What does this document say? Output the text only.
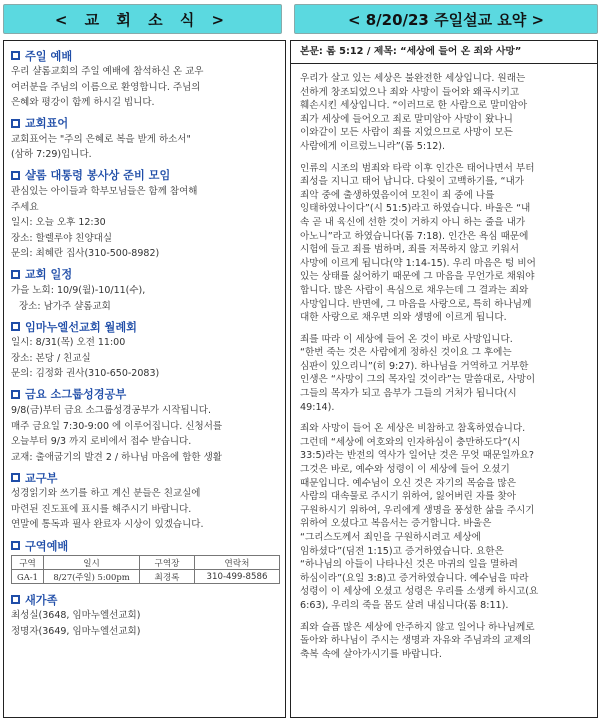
< 교 회 소 식 >	< 8/20/23 주일설교 요약 >
주일 예배
우리 샬롬교회의 주일 예배에 참석하신 온 교우
여러분을 주님의 이름으로 환영합니다. 주님의
은혜와 평강이 함께 하시길 빕니다.
교회표어
교회표어는 "주의 은혜로 복을 받게 하소서"
(삼하 7:29)입니다.
샬롬 대통령 봉사상 준비 모임
관심있는 아이들과 학부모님들은 함께 참여해
주세요
일시: 오늘 오후 12:30
장소: 할렐루야 친양대실
문의: 최혜란 집사(310-500-8982)
교회 일정
가을 노회: 10/9(월)-10/11(수),
장소: 남가주 샬롬교회
임마누엘선교회 월례회
일시: 8/31(목) 오전 11:00
장소: 본당 / 친교실
문의: 김정화 권사(310-650-2083)
금요 소그룹성경공부
9/8(금)부터 금요 소그룹성경공부가 시작됩니다.
매주 금요일 7:30-9:00 에 이루어집니다. 신청서를
오늘부터 9/3 까지 로비에서 접수 받습니다.
교재: 출애굽기의 발견 2 / 하나님 마음에 합한 생활
교구부
성경읽기와 쓰기를 하고 계신 분들은 친교실에
마련된 진도표에 표시를 해주시기 바랍니다.
연말에 통독과 필사 완료자 시상이 있겠습니다.
구역예배
구역	일시	구역장	연락처
GA-1	8/27(주일) 5:00pm	최경록	310-499-8586
새가족
최성실(3648, 임마누엘선교회)
정명자(3649, 임마누엘선교회)
본문: 롬 5:12 / 제목: “세상에 들어 온 죄와 사망”
우리가 살고 있는 세상은 불완전한 세상입니다. 원래는
선하게 창조되었으나 죄와 사망이 들어와 왜곡시키고
훼손시킨 세상입니다. “이러므로 한 사람으로 말미암아
죄가 세상에 들어오고 죄로 말미암아 사망이 왔나니
이와같이 모든 사람이 죄를 지었으므로 사망이 모든
사람에게 이르렀느니라”(롬 5:12).
인류의 시조의 범죄와 타락 이후 인간은 태어나면서 부터
죄성을 지니고 태어 납니다. 다윗이 고백하기를, “내가
죄악 중에 출생하였음이여 모친이 죄 중에 나를
잉태하였나이다”(시 51:5)라고 하였습니다. 바울은 “내
속 곧 내 육신에 선한 것이 거하지 아니 하는 줄을 내가
아노니”라고 하였습니다(롬 7:18). 인간은 욕심 때문에
시험에 들고 죄를 범하며, 죄를 저목하지 않고 키워서
사망에 이르게 됩니다(약 1:14-15). 우리 마음은 텅 비어
있는 상태를 싫어하기 때문에 그 마음을 무언가로 채워야
합니다. 많은 사람이 욕심으로 채우는데 그 결과는 죄와
사망입니다. 반면에, 그 마음을 사랑으로, 특히 하나님께
대한 사랑으로 채우면 의와 생명에 이르게 됩니다.
죄를 따라 이 세상에 들어 온 것이 바로 사망입니다.
“한번 죽는 것은 사람에게 정하신 것이요 그 후에는
심판이 있으리니”(히 9:27). 하나님을 거역하고 거부한
인생은 “사망이 그의 목자일 것이라”는 말씀대로, 사망이
그들의 목자가 되고 음부가 그들의 거처가 됩니다(시
49:14).
죄와 사망이 들어 온 세상은 비참하고 참혹하였습니다.
그런데 “세상에 여호와의 인자하심이 충만하도다”(시
33:5)라는 반전의 역사가 일어난 것은 무엇 때문일까요?
그것은 바로, 예수와 성령이 이 세상에 들어 오셨기
때문입니다. 예수님이 오신 것은 자기의 목숨을 많은
사람의 대속물로 주시기 위하여, 잃어버린 자를 찾아
구원하시기 위하여, 우리에게 생명을 풍성한 삶을 주시기
위하여 오셨다고 복음서는 증거합니다. 바울은
“그리스도께서 죄인을 구원하시려고 세상에
임하셨다”(딤전 1:15)고 증거하였습니다. 요한은
“하나님의 아들이 나타나신 것은 마귀의 일을 멸하려
하심이라”(요일 3:8)고 증거하였습니다. 예수님을 따라
성령이 이 세상에 오셨고 성령은 우리를 소생케 하시고(요
6:63), 우리의 죽을 몸도 살려 내십니다(롬 8:11).
죄와 슬픔 많은 세상에 안주하지 않고 일어나 하나님께로
돌아와 하나님이 주시는 생명과 자유와 주님과의 교제의
축복 속에 살아가시기를 바랍니다.
